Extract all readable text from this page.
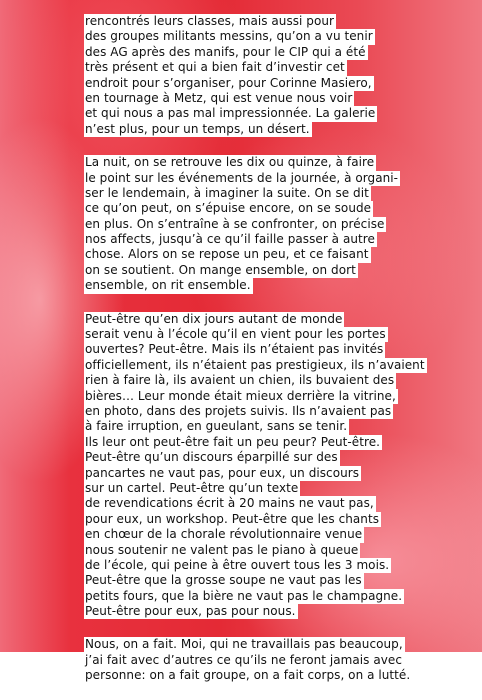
rencontrés leurs classes, mais aussi pour
des groupes militants messins, qu’on a vu tenir
des AG après des manifs, pour le CIP qui a été
très présent et qui a bien fait d’investir cet
endroit pour s’organiser, pour Corinne Masiero,
en tournage à Metz, qui est venue nous voir
et qui nous a pas mal impressionnée. La galerie
n’est plus, pour un temps, un désert.
La nuit, on se retrouve les dix ou quinze, à faire
le point sur les événements de la journée, à organi-
ser le lendemain, à imaginer la suite. On se dit
ce qu’on peut, on s’épuise encore, on se soude
en plus. On s’entraîne à se confronter, on précise
nos affects, jusqu’à ce qu’il faille passer à autre
chose. Alors on se repose un peu, et ce faisant
on se soutient. On mange ensemble, on dort
ensemble, on rit ensemble.
Peut-être qu’en dix jours autant de monde
serait venu à l’école qu’il en vient pour les portes
ouvertes? Peut-être. Mais ils n’étaient pas invités
officiellement, ils n’étaient pas prestigieux, ils n’avaient
rien à faire là, ils avaient un chien, ils buvaient des
bières… Leur monde était mieux derrière la vitrine,
en photo, dans des projets suivis. Ils n’avaient pas
à faire irruption, en gueulant, sans se tenir.
Ils leur ont peut-être fait un peu peur? Peut-être.
Peut-être qu’un discours éparpillé sur des
pancartes ne vaut pas, pour eux, un discours
sur un cartel. Peut-être qu’un texte
de revendications écrit à 20 mains ne vaut pas,
pour eux, un workshop. Peut-être que les chants
en chœur de la chorale révolutionnaire venue
nous soutenir ne valent pas le piano à queue
de l’école, qui peine à être ouvert tous les 3 mois.
Peut-être que la grosse soupe ne vaut pas les
petits fours, que la bière ne vaut pas le champagne.
Peut-être pour eux, pas pour nous.
Nous, on a fait. Moi, qui ne travaillais pas beaucoup,
j’ai fait avec d’autres ce qu’ils ne feront jamais avec
personne: on a fait groupe, on a fait corps, on a lutté.
